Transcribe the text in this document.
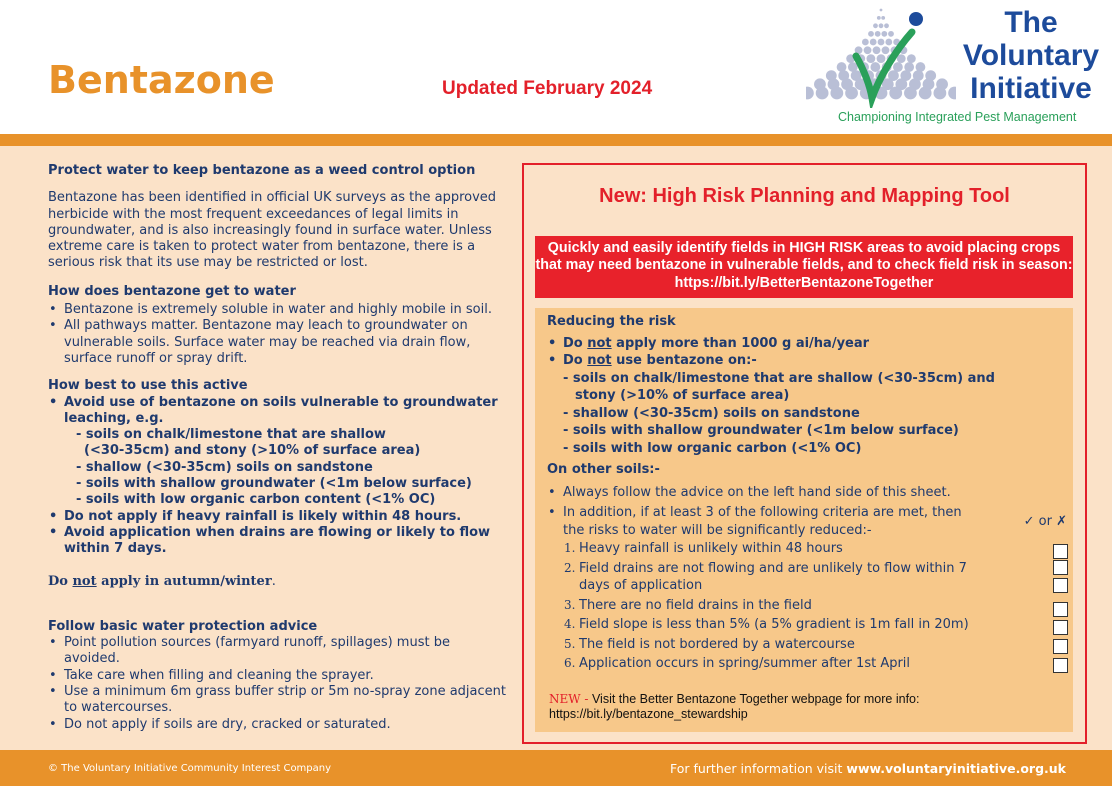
Bentazone	Updated February 2024
The
Voluntary
Initiative
Championing Integrated Pest Management
Protect water to keep bentazone as a weed control option

Bentazone has been identified in official UK surveys as the approved herbicide with the most frequent exceedances of legal limits in groundwater, and is also increasingly found in surface water. Unless extreme care is taken to protect water from bentazone, there is a serious risk that its use may be restricted or lost.

How does bentazone get to water
• Bentazone is extremely soluble in water and highly mobile in soil.
• All pathways matter. Bentazone may leach to groundwater on vulnerable soils. Surface water may be reached via drain flow, surface runoff or spray drift.
How best to use this active
• Avoid use of bentazone on soils vulnerable to groundwater leaching, e.g.
- soils on chalk/limestone that are shallow
(<30-35cm) and stony (>10% of surface area)
- shallow (<30-35cm) soils on sandstone
- soils with shallow groundwater (<1m below surface)
- soils with low organic carbon content (<1% OC)
• Do not apply if heavy rainfall is likely within 48 hours.
• Avoid application when drains are flowing or likely to flow within 7 days.

Do not apply in autumn/winter.

Follow basic water protection advice
• Point pollution sources (farmyard runoff, spillages) must be avoided.
• Take care when filling and cleaning the sprayer.
• Use a minimum 6m grass buffer strip or 5m no-spray zone adjacent to watercourses.
• Do not apply if soils are dry, cracked or saturated.
New: High Risk Planning and Mapping Tool
Quickly and easily identify fields in HIGH RISK areas to avoid placing crops that may need bentazone in vulnerable fields, and to check field risk in season: https://bit.ly/BetterBentazoneTogether

Reducing the risk

• Do not apply more than 1000 g ai/ha/year
• Do not use bentazone on:-
- soils on chalk/limestone that are shallow (<30-35cm) and
stony (>10% of surface area)
- shallow (<30-35cm) soils on sandstone
- soils with shallow groundwater (<1m below surface)
- soils with low organic carbon (<1% OC)

On other soils:-

• Always follow the advice on the left hand side of this sheet.
• In addition, if at least 3 of the following criteria are met, then the risks to water will be significantly reduced:-
✓ or ✗
1. Heavy rainfall is unlikely within 48 hours
2. Field drains are not flowing and are unlikely to flow within 7 days of application
3. There are no field drains in the field
4. Field slope is less than 5% (a 5% gradient is 1m fall in 20m)
5. The field is not bordered by a watercourse
6. Application occurs in spring/summer after 1st April
NEW - Visit the Better Bentazone Together webpage for more info:
https://bit.ly/bentazone_stewardship
© The Voluntary Initiative Community Interest Company	For further information visit www.voluntaryinitiative.org.uk
